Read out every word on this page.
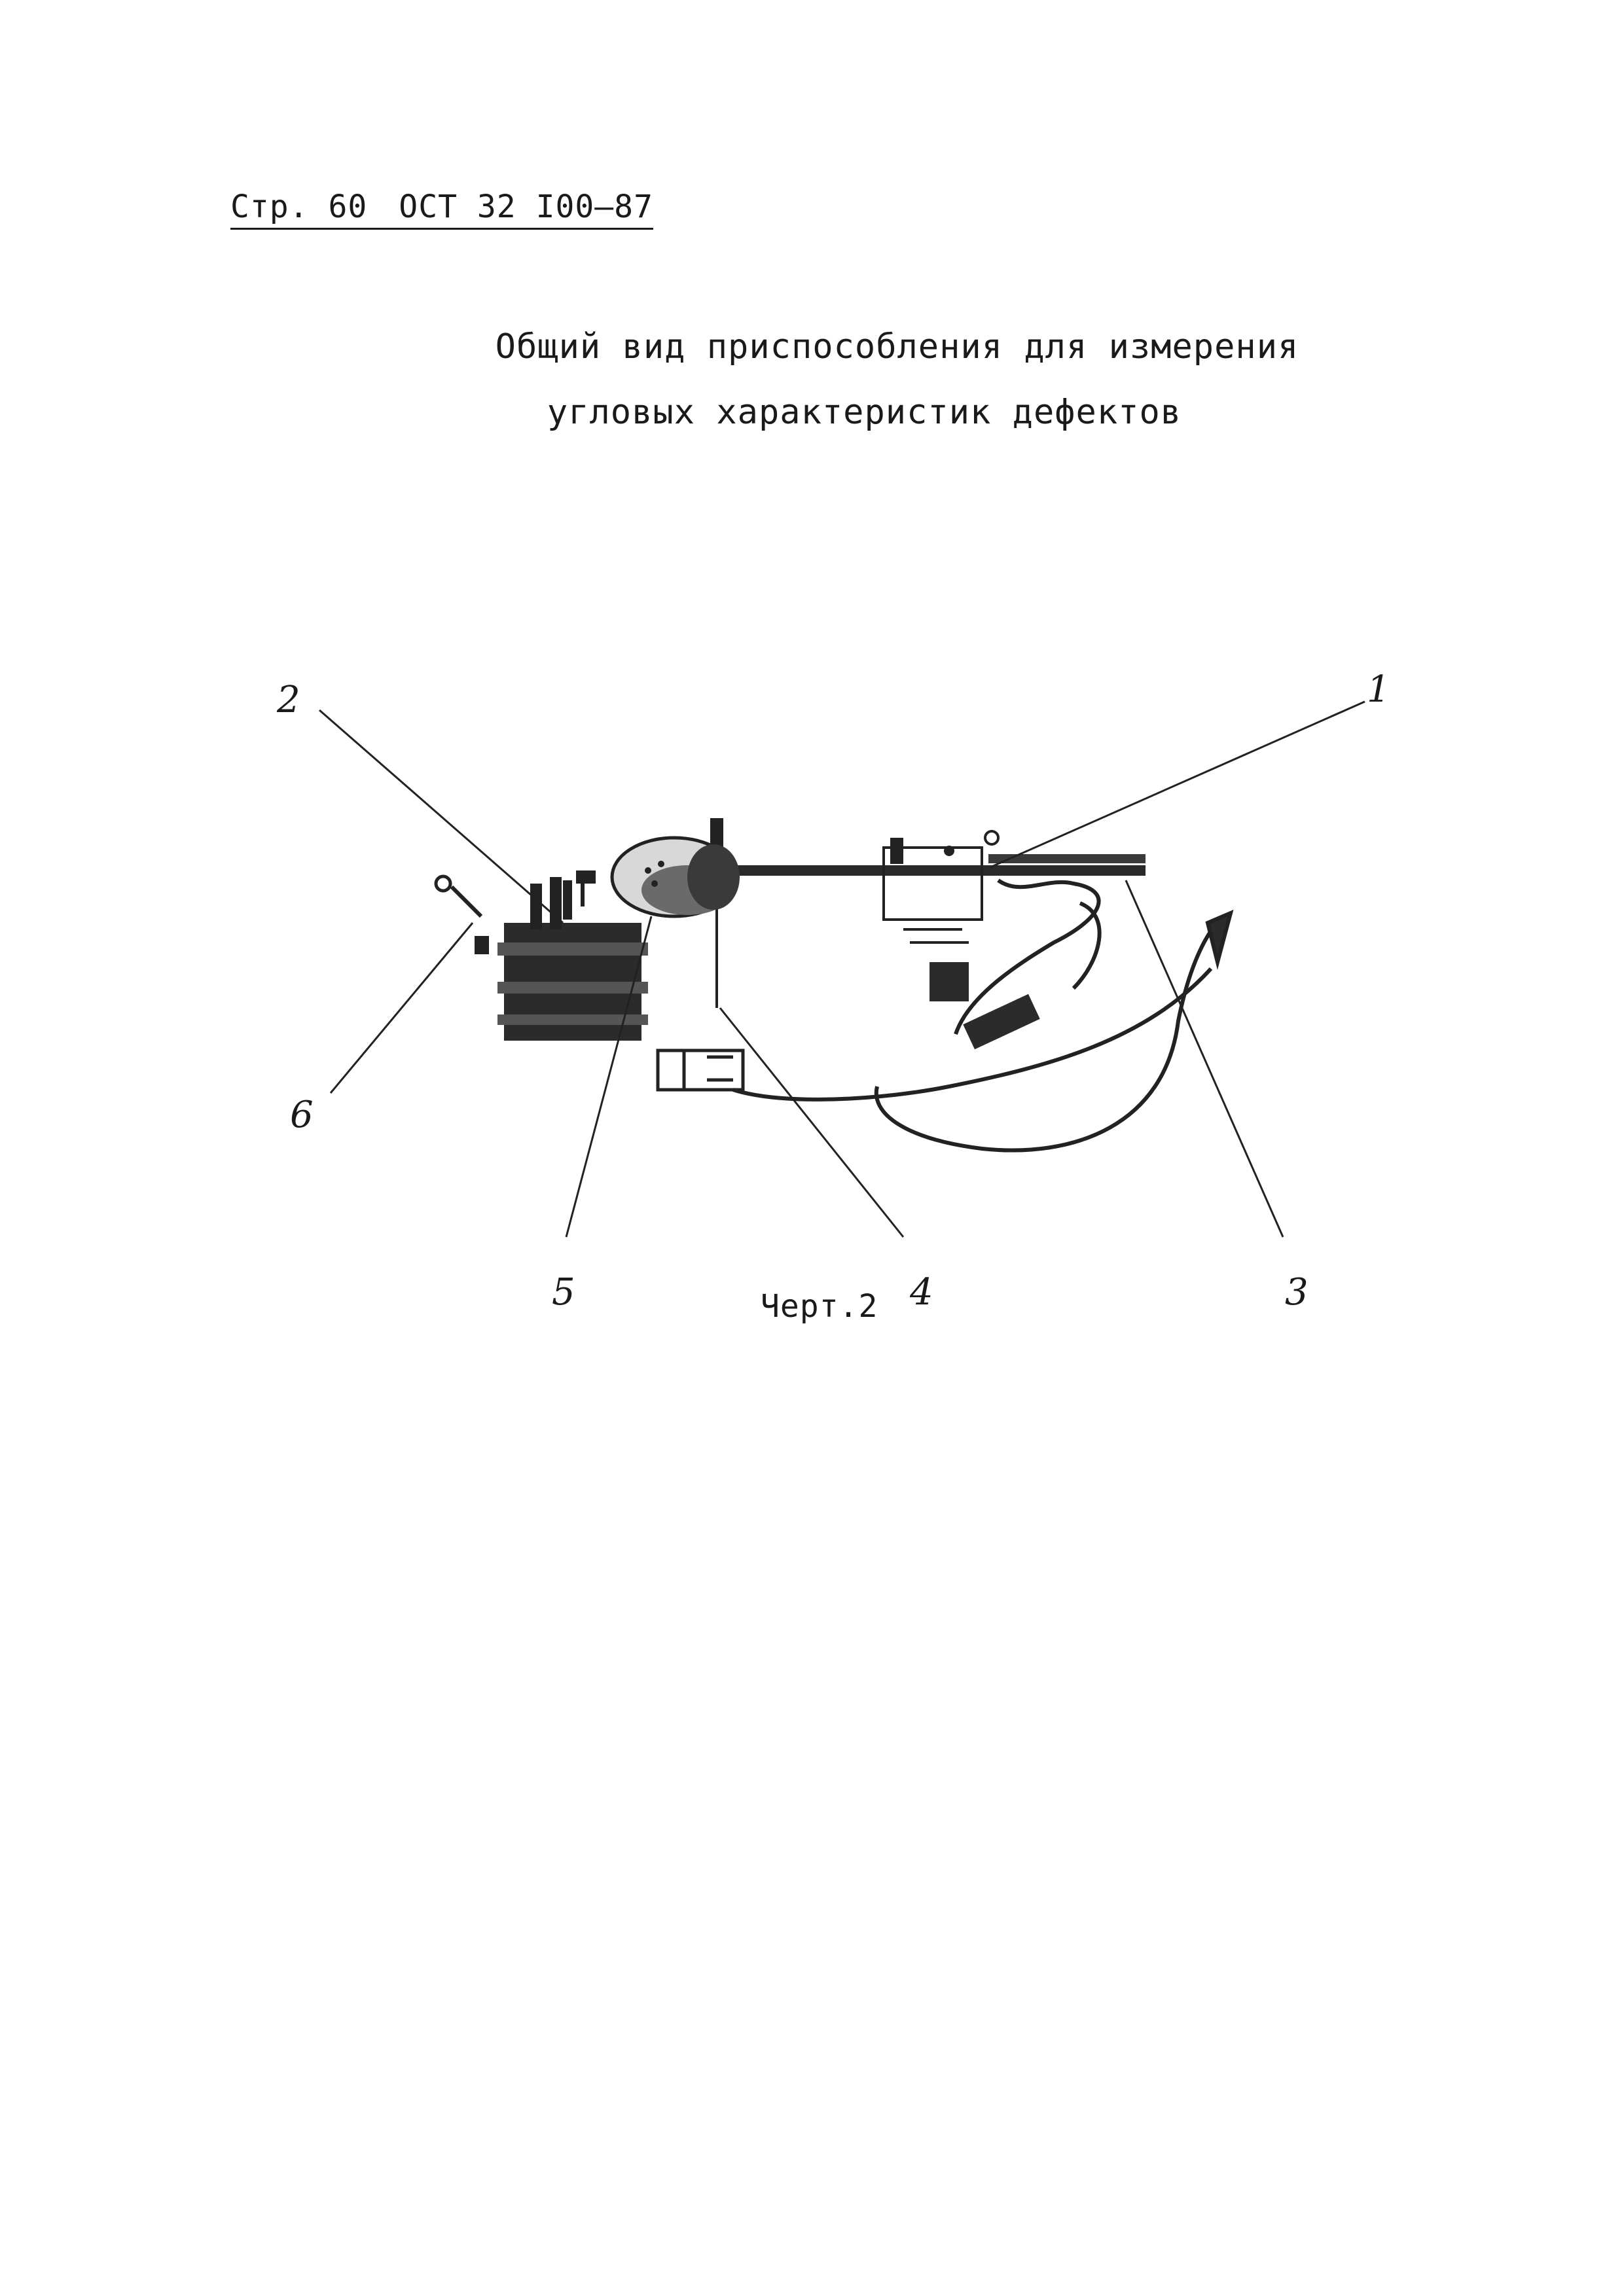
Стр. 60 ОСТ 32 I00—87
Общий вид приспособления для измерения
угловых характеристик дефектов
1
2
3
4
5
6
Черт.2
